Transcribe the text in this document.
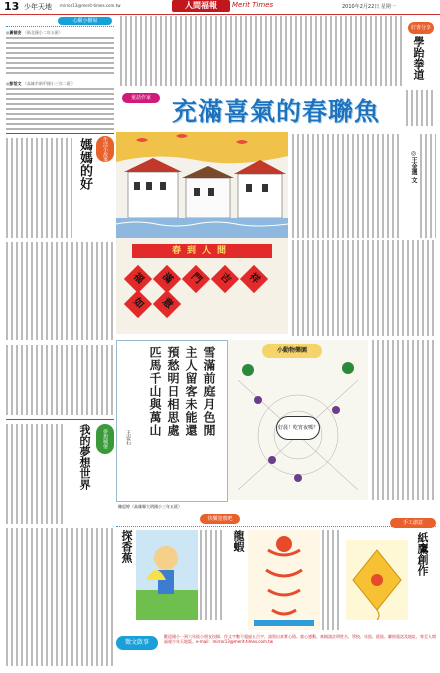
13 少年天地 mirror13@merit-times.com.tw	人間福報	Merit Times	2010年2月22日 星期一
心願小樹屋
◎黃郁安 （新北國小二年五班）
◎彭恬文 （高雄市新甲國小三年二班）
生活小故事
媽媽的好
夢想城堡
我的夢想世界
童話作家 充滿喜氣的春聯魚
好書分享
學跆拳道
◎王金選 文
春到人間
福 滿 門 吉 祥 如 意
雪滿前庭月色閒
主人留客未能還
預愁明日相思處
匹馬千山與萬山
王安石
陳思婷（高雄縣大明國小三年五班）
小動物樂園
好晨！吃宵夜嗎？
快樂塗鴉吧
探香蕉	龍蝦
手工創意
紙鷹創作
徵文啟事
歡迎國小一到六年級小朋友投稿：作文字數不超過五百字，請寫出真實心情、童心感動。來稿請註明姓名、學校、年級、班級、聯絡電話及地址，寄至人間福報少年天地版。e-mail：mirror13@merit-times.com.tw
